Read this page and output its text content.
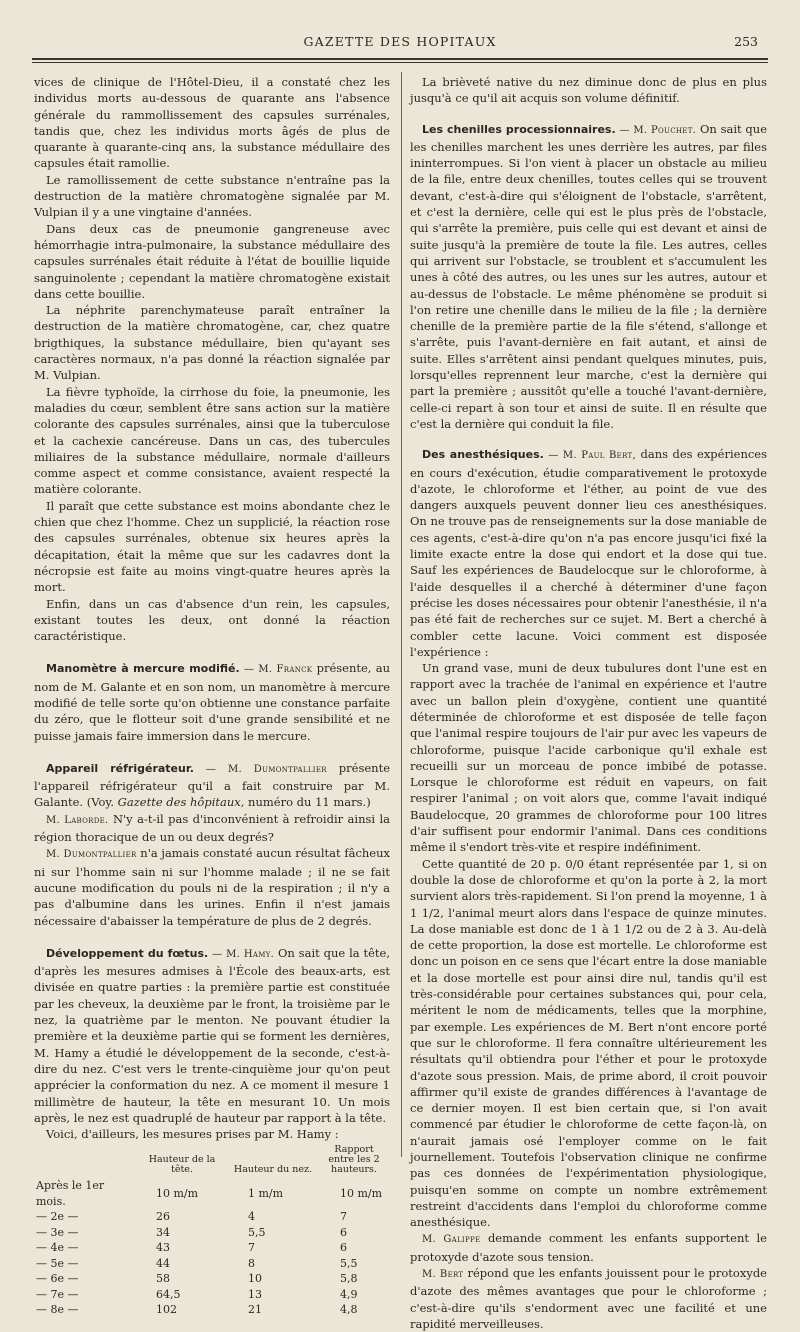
GAZETTE DES HOPITAUX	253

vices de clinique de l'Hôtel-Dieu, il a constaté chez les individus morts au-dessous de quarante ans l'absence générale du rammollissement des capsules surrénales, tandis que, chez les individus morts âgés de plus de quarante à quarante-cinq ans, la substance médullaire des capsules était ramollie.

Le ramollissement de cette substance n'entraîne pas la destruction de la matière chromatogène signalée par M. Vulpian il y a une vingtaine d'années.

Dans deux cas de pneumonie gangreneuse avec hémorrhagie intra-pulmonaire, la substance médullaire des capsules surrénales était réduite à l'état de bouillie liquide sanguinolente ; cependant la matière chromatogène existait dans cette bouillie.

La néphrite parenchymateuse paraît entraîner la destruction de la matière chromatogène, car, chez quatre brigthiques, la substance médullaire, bien qu'ayant ses caractères normaux, n'a pas donné la réaction signalée par M. Vulpian.

La fièvre typhoïde, la cirrhose du foie, la pneumonie, les maladies du cœur, semblent être sans action sur la matière colorante des capsules surrénales, ainsi que la tuberculose et la cachexie cancéreuse. Dans un cas, des tubercules miliaires de la substance médullaire, normale d'ailleurs comme aspect et comme consistance, avaient respecté la matière colorante.

Il paraît que cette substance est moins abondante chez le chien que chez l'homme. Chez un supplicié, la réaction rose des capsules surrénales, obtenue six heures après la décapitation, était la même que sur les cadavres dont la nécropsie est faite au moins vingt-quatre heures après la mort.

Enfin, dans un cas d'absence d'un rein, les capsules, existant toutes les deux, ont donné la réaction caractéristique.

Manomètre à mercure modifié. — M. Franck présente, au nom de M. Galante et en son nom, un manomètre à mercure modifié de telle sorte qu'on obtienne une constance parfaite du zéro, que le flotteur soit d'une grande sensibilité et ne puisse jamais faire immersion dans le mercure.

Appareil réfrigérateur. — M. Dumontpallier présente l'appareil réfrigérateur qu'il a fait construire par M. Galante. (Voy. Gazette des hôpitaux, numéro du 11 mars.)

M. Laborde. N'y a-t-il pas d'inconvénient à refroidir ainsi la région thoracique de un ou deux degrés?

M. Dumontpallier n'a jamais constaté aucun résultat fâcheux ni sur l'homme sain ni sur l'homme malade ; il ne se fait aucune modification du pouls ni de la respiration ; il n'y a pas d'albumine dans les urines. Enfin il n'est jamais nécessaire d'abaisser la température de plus de 2 degrés.

Développement du fœtus. — M. Hamy. On sait que la tête, d'après les mesures admises à l'École des beaux-arts, est divisée en quatre parties : la première partie est constituée par les cheveux, la deuxième par le front, la troisième par le nez, la quatrième par le menton. Ne pouvant étudier la première et la deuxième partie qui se forment les dernières, M. Hamy a étudié le développement de la seconde, c'est-à-dire du nez. C'est vers le trente-cinquième jour qu'on peut apprécier la conformation du nez. A ce moment il mesure 1 millimètre de hauteur, la tête en mesurant 10. Un mois après, le nez est quadruplé de hauteur par rapport à la tête.

Voici, d'ailleurs, les mesures prises par M. Hamy :

	Hauteur de la tête.	Hauteur du nez.	Rapport entre les 2 hauteurs.
Après le 1er mois.	10 m/m	1 m/m	10 m/m
— 2e —	26	4	7
— 3e —	34	5,5	6
— 4e —	43	7	6
— 5e —	44	8	5,5
— 6e —	58	10	5,8
— 7e —	64,5	13	4,9
— 8e —	102	21	4,8

La brièveté native du nez diminue donc de plus en plus jusqu'à ce qu'il ait acquis son volume définitif.

Les chenilles processionnaires. — M. Pouchet. On sait que les chenilles marchent les unes derrière les autres, par files ininterrompues. Si l'on vient à placer un obstacle au milieu de la file, entre deux chenilles, toutes celles qui se trouvent devant, c'est-à-dire qui s'éloignent de l'obstacle, s'arrêtent, et c'est la dernière, celle qui est le plus près de l'obstacle, qui s'arrête la première, puis celle qui est devant et ainsi de suite jusqu'à la première de toute la file. Les autres, celles qui arrivent sur l'obstacle, se troublent et s'accumulent les unes à côté des autres, ou les unes sur les autres, autour et au-dessus de l'obstacle. Le même phénomène se produit si l'on retire une chenille dans le milieu de la file ; la dernière chenille de la première partie de la file s'étend, s'allonge et s'arrête, puis l'avant-dernière en fait autant, et ainsi de suite. Elles s'arrêtent ainsi pendant quelques minutes, puis, lorsqu'elles reprennent leur marche, c'est la dernière qui part la première ; aussitôt qu'elle a touché l'avant-dernière, celle-ci repart à son tour et ainsi de suite. Il en résulte que c'est la dernière qui conduit la file.

Des anesthésiques. — M. Paul Bert, dans des expériences en cours d'exécution, étudie comparativement le protoxyde d'azote, le chloroforme et l'éther, au point de vue des dangers auxquels peuvent donner lieu ces anesthésiques. On ne trouve pas de renseignements sur la dose maniable de ces agents, c'est-à-dire qu'on n'a pas encore jusqu'ici fixé la limite exacte entre la dose qui endort et la dose qui tue. Sauf les expériences de Baudelocque sur le chloroforme, à l'aide desquelles il a cherché à déterminer d'une façon précise les doses nécessaires pour obtenir l'anesthésie, il n'a pas été fait de recherches sur ce sujet. M. Bert a cherché à combler cette lacune. Voici comment est disposée l'expérience :

Un grand vase, muni de deux tubulures dont l'une est en rapport avec la trachée de l'animal en expérience et l'autre avec un ballon plein d'oxygène, contient une quantité déterminée de chloroforme et est disposée de telle façon que l'animal respire toujours de l'air pur avec les vapeurs de chloroforme, puisque l'acide carbonique qu'il exhale est recueilli sur un morceau de ponce imbibé de potasse. Lorsque le chloroforme est réduit en vapeurs, on fait respirer l'animal ; on voit alors que, comme l'avait indiqué Baudelocque, 20 grammes de chloroforme pour 100 litres d'air suffisent pour endormir l'animal. Dans ces conditions même il s'endort très-vite et respire indéfiniment.

Cette quantité de 20 p. 0/0 étant représentée par 1, si on double la dose de chloroforme et qu'on la porte à 2, la mort survient alors très-rapidement. Si l'on prend la moyenne, 1 à 1 1/2, l'animal meurt alors dans l'espace de quinze minutes. La dose maniable est donc de 1 à 1 1/2 ou de 2 à 3. Au-delà de cette proportion, la dose est mortelle. Le chloroforme est donc un poison en ce sens que l'écart entre la dose maniable et la dose mortelle est pour ainsi dire nul, tandis qu'il est très-considérable pour certaines substances qui, pour cela, méritent le nom de médicaments, telles que la morphine, par exemple. Les expériences de M. Bert n'ont encore porté que sur le chloroforme. Il fera connaître ultérieurement les résultats qu'il obtiendra pour l'éther et pour le protoxyde d'azote sous pression. Mais, de prime abord, il croit pouvoir affirmer qu'il existe de grandes différences à l'avantage de ce dernier moyen. Il est bien certain que, si l'on avait commencé par étudier le chloroforme de cette façon-là, on n'aurait jamais osé l'employer comme on le fait journellement. Toutefois l'observation clinique ne confirme pas ces données de l'expérimentation physiologique, puisqu'en somme on compte un nombre extrêmement restreint d'accidents dans l'emploi du chloroforme comme anesthésique.

M. Galippe demande comment les enfants supportent le protoxyde d'azote sous tension.

M. Bert répond que les enfants jouissent pour le protoxyde d'azote des mêmes avantages que pour le chloroforme ; c'est-à-dire qu'ils s'endorment avec une facilité et une rapidité merveilleuses.
